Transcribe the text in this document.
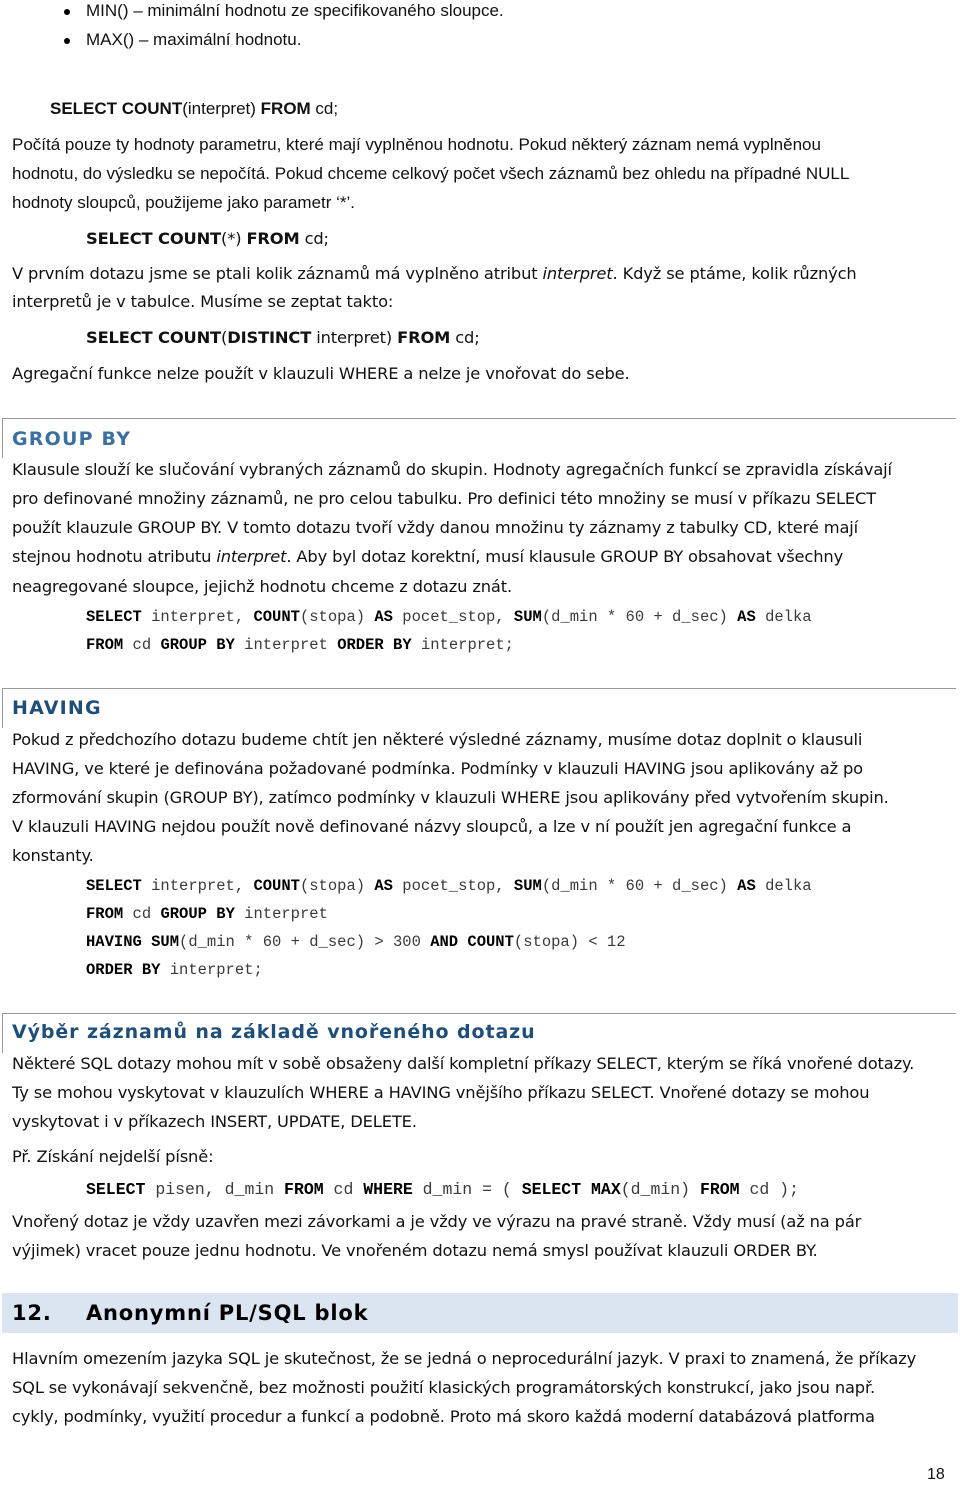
MIN() – minimální hodnotu ze specifikovaného sloupce.
MAX() – maximální hodnotu.
SELECT COUNT(interpret) FROM cd;
Počítá pouze ty hodnoty parametru, které mají vyplněnou hodnotu. Pokud některý záznam nemá vyplněnou
hodnotu, do výsledku se nepočítá. Pokud chceme celkový počet všech záznamů bez ohledu na případné NULL
hodnoty sloupců, použijeme jako parametr ‘*’.
SELECT COUNT(*) FROM cd;
V prvním dotazu jsme se ptali kolik záznamů má vyplněno atribut interpret. Když se ptáme, kolik různých
interpretů je v tabulce. Musíme se zeptat takto:
SELECT COUNT(DISTINCT interpret) FROM cd;
Agregační funkce nelze použít v klauzuli WHERE a nelze je vnořovat do sebe.
GROUP BY
Klausule slouží ke slučování vybraných záznamů do skupin. Hodnoty agregačních funkcí se zpravidla získávají
pro definované množiny záznamů, ne pro celou tabulku. Pro definici této množiny se musí v příkazu SELECT
použít klauzule GROUP BY. V tomto dotazu tvoří vždy danou množinu ty záznamy z tabulky CD, které mají
stejnou hodnotu atributu interpret. Aby byl dotaz korektní, musí klausule GROUP BY obsahovat všechny
neagregované sloupce, jejichž hodnotu chceme z dotazu znát.
SELECT interpret, COUNT(stopa) AS pocet_stop, SUM(d_min * 60 + d_sec) AS delka
FROM cd GROUP BY interpret ORDER BY interpret;
HAVING
Pokud z předchozího dotazu budeme chtít jen některé výsledné záznamy, musíme dotaz doplnit o klausuli
HAVING, ve které je definována požadované podmínka. Podmínky v klauzuli HAVING jsou aplikovány až po
zformování skupin (GROUP BY), zatímco podmínky v klauzuli WHERE jsou aplikovány před vytvořením skupin.
V klauzuli HAVING nejdou použít nově definované názvy sloupců, a lze v ní použít jen agregační funkce a
konstanty.
SELECT interpret, COUNT(stopa) AS pocet_stop, SUM(d_min * 60 + d_sec) AS delka
FROM cd GROUP BY interpret
HAVING SUM(d_min * 60 + d_sec) > 300 AND COUNT(stopa) < 12
ORDER BY interpret;
Výběr záznamů na základě vnořeného dotazu
Některé SQL dotazy mohou mít v sobě obsaženy další kompletní příkazy SELECT, kterým se říká vnořené dotazy.
Ty se mohou vyskytovat v klauzulích WHERE a HAVING vnějšího příkazu SELECT. Vnořené dotazy se mohou
vyskytovat i v příkazech INSERT, UPDATE, DELETE.
Př. Získání nejdelší písně:
SELECT pisen, d_min FROM cd WHERE d_min = ( SELECT MAX(d_min) FROM cd );
Vnořený dotaz je vždy uzavřen mezi závorkami a je vždy ve výrazu na pravé straně. Vždy musí (až na pár
výjimek) vracet pouze jednu hodnotu. Ve vnořeném dotazu nemá smysl používat klauzuli ORDER BY.
12. Anonymní PL/SQL blok
Hlavním omezením jazyka SQL je skutečnost, že se jedná o neprocedurální jazyk. V praxi to znamená, že příkazy
SQL se vykonávají sekvenčně, bez možnosti použití klasických programátorských konstrukcí, jako jsou např.
cykly, podmínky, využití procedur a funkcí a podobně. Proto má skoro každá moderní databázová platforma
18
